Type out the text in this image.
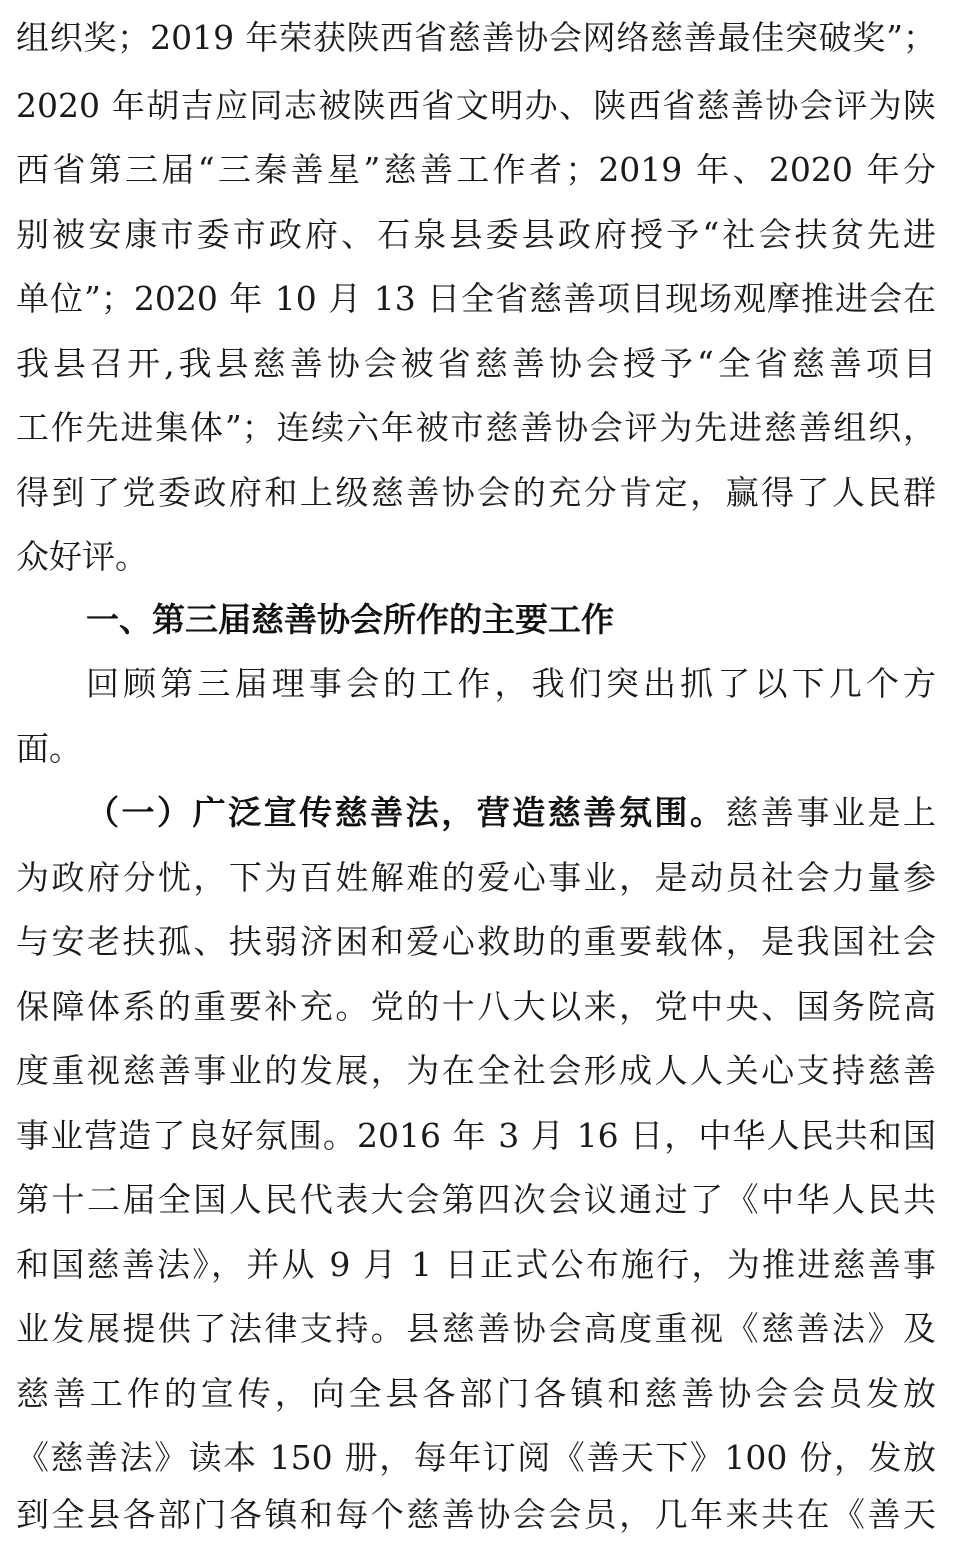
组织奖；2019 年荣获陕西省慈善协会网络慈善最佳突破奖”；
2020 年胡吉应同志被陕西省文明办、陕西省慈善协会评为陕
西省第三届“三秦善星”慈善工作者；2019 年、2020 年分
别被安康市委市政府、石泉县委县政府授予“社会扶贫先进
单位”；2020 年 10 月 13 日全省慈善项目现场观摩推进会在
我县召开,我县慈善协会被省慈善协会授予“全省慈善项目
工作先进集体”；连续六年被市慈善协会评为先进慈善组织，
得到了党委政府和上级慈善协会的充分肯定，赢得了人民群
众好评。
一、第三届慈善协会所作的主要工作
回顾第三届理事会的工作，我们突出抓了以下几个方
面。
（一）广泛宣传慈善法，营造慈善氛围。慈善事业是上
为政府分忧，下为百姓解难的爱心事业，是动员社会力量参
与安老扶孤、扶弱济困和爱心救助的重要载体，是我国社会
保障体系的重要补充。党的十八大以来，党中央、国务院高
度重视慈善事业的发展，为在全社会形成人人关心支持慈善
事业营造了良好氛围。2016 年 3 月 16 日，中华人民共和国
第十二届全国人民代表大会第四次会议通过了《中华人民共
和国慈善法》，并从 9 月 1 日正式公布施行，为推进慈善事
业发展提供了法律支持。县慈善协会高度重视《慈善法》及
慈善工作的宣传，向全县各部门各镇和慈善协会会员发放
《慈善法》读本 150 册，每年订阅《善天下》100 份，发放
到全县各部门各镇和每个慈善协会会员，几年来共在《善天
